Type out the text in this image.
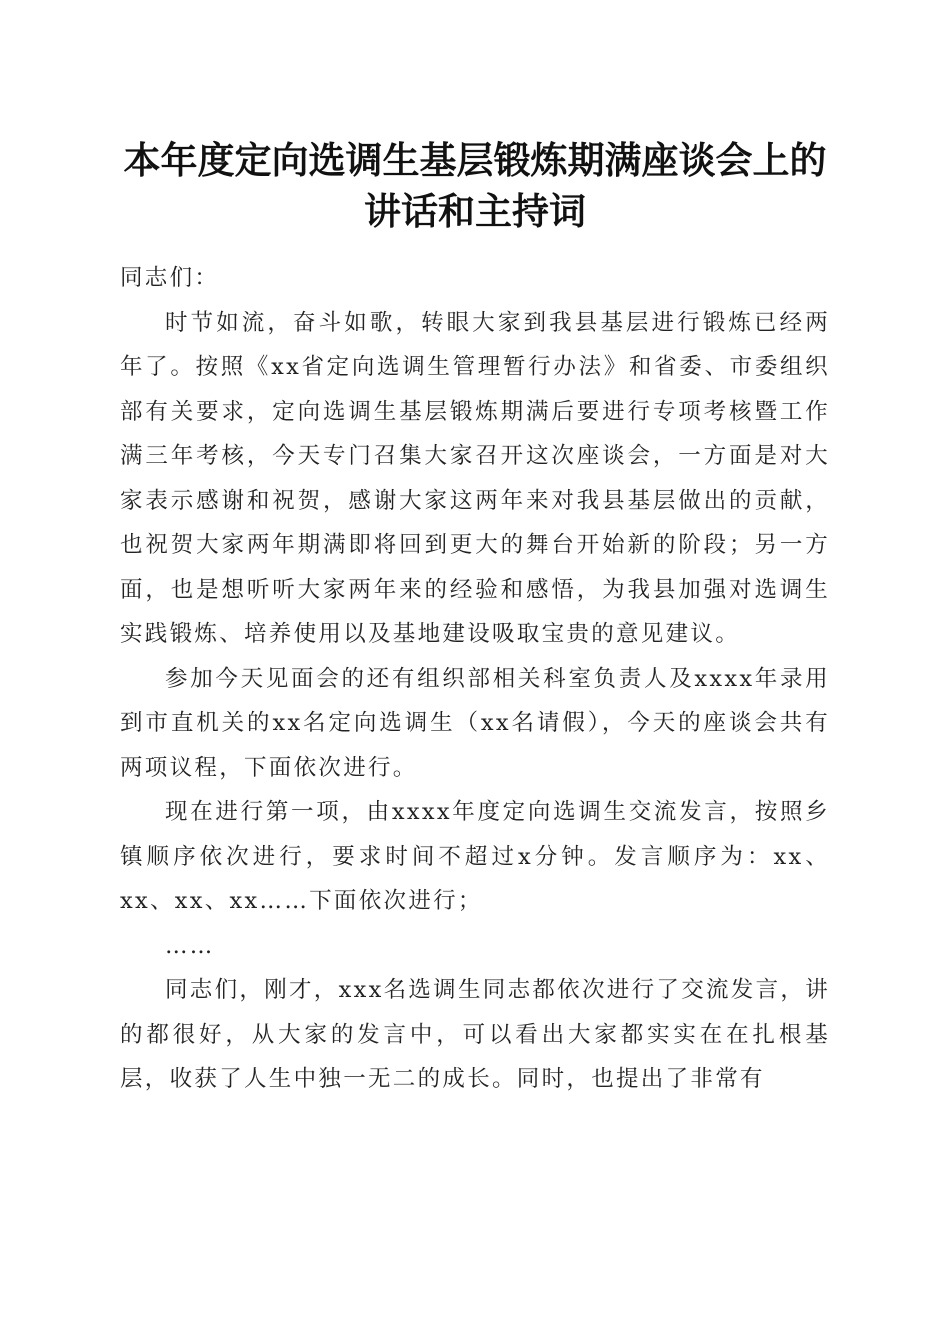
本年度定向选调生基层锻炼期满座谈会上的讲话和主持词

同志们：

时节如流，奋斗如歌，转眼大家到我县基层进行锻炼已经两年了。按照《xx省定向选调生管理暂行办法》和省委、市委组织部有关要求，定向选调生基层锻炼期满后要进行专项考核暨工作满三年考核，今天专门召集大家召开这次座谈会，一方面是对大家表示感谢和祝贺，感谢大家这两年来对我县基层做出的贡献，也祝贺大家两年期满即将回到更大的舞台开始新的阶段；另一方面，也是想听听大家两年来的经验和感悟，为我县加强对选调生实践锻炼、培养使用以及基地建设吸取宝贵的意见建议。

参加今天见面会的还有组织部相关科室负责人及xxxx年录用到市直机关的xx名定向选调生（xx名请假），今天的座谈会共有两项议程，下面依次进行。

现在进行第一项，由xxxx年度定向选调生交流发言，按照乡镇顺序依次进行，要求时间不超过x分钟。发言顺序为：xx、xx、xx、xx……下面依次进行；

……

同志们，刚才，xxx名选调生同志都依次进行了交流发言，讲的都很好，从大家的发言中，可以看出大家都实实在在扎根基层，收获了人生中独一无二的成长。同时，也提出了非常有
